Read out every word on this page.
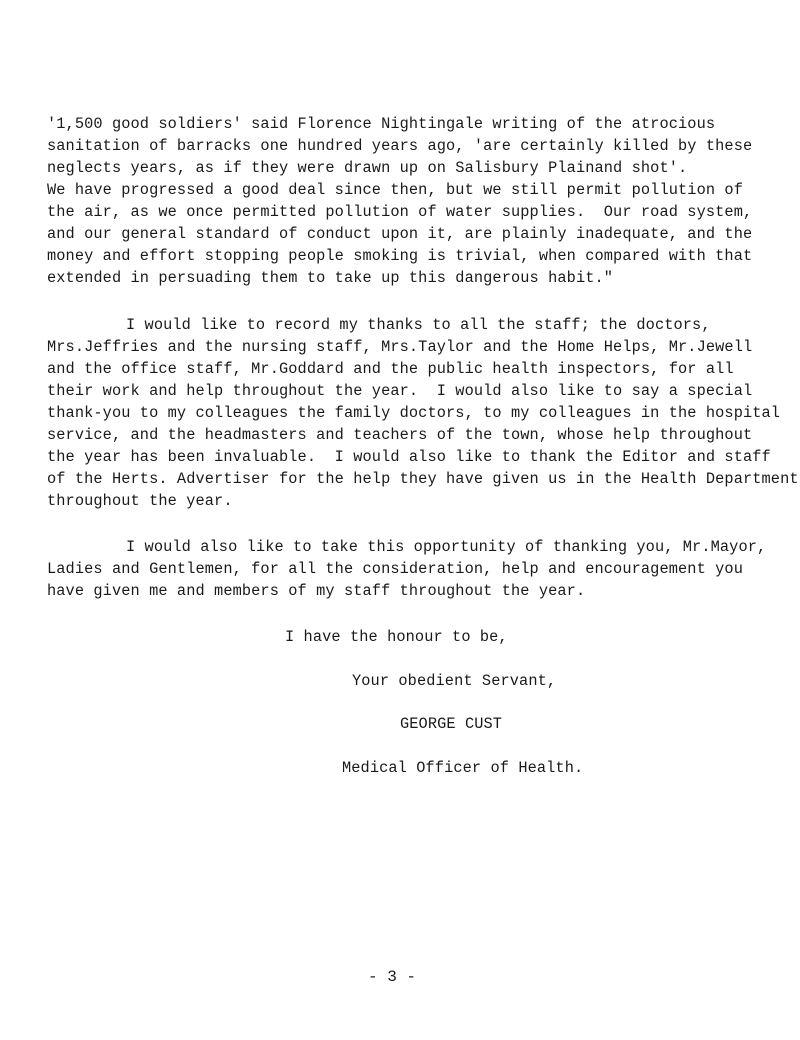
'1,500 good soldiers' said Florence Nightingale writing of the atrocious
sanitation of barracks one hundred years ago, 'are certainly killed by these
neglects years, as if they were drawn up on Salisbury Plainand shot'.
We have progressed a good deal since then, but we still permit pollution of
the air, as we once permitted pollution of water supplies.  Our road system,
and our general standard of conduct upon it, are plainly inadequate, and the
money and effort stopping people smoking is trivial, when compared with that
extended in persuading them to take up this dangerous habit."
I would like to record my thanks to all the staff; the doctors,
Mrs.Jeffries and the nursing staff, Mrs.Taylor and the Home Helps, Mr.Jewell
and the office staff, Mr.Goddard and the public health inspectors, for all
their work and help throughout the year.  I would also like to say a special
thank-you to my colleagues the family doctors, to my colleagues in the hospital
service, and the headmasters and teachers of the town, whose help throughout
the year has been invaluable.  I would also like to thank the Editor and staff
of the Herts. Advertiser for the help they have given us in the Health Department
throughout the year.
I would also like to take this opportunity of thanking you, Mr.Mayor,
Ladies and Gentlemen, for all the consideration, help and encouragement you
have given me and members of my staff throughout the year.
I have the honour to be,
Your obedient Servant,
GEORGE CUST
Medical Officer of Health.
- 3 -
